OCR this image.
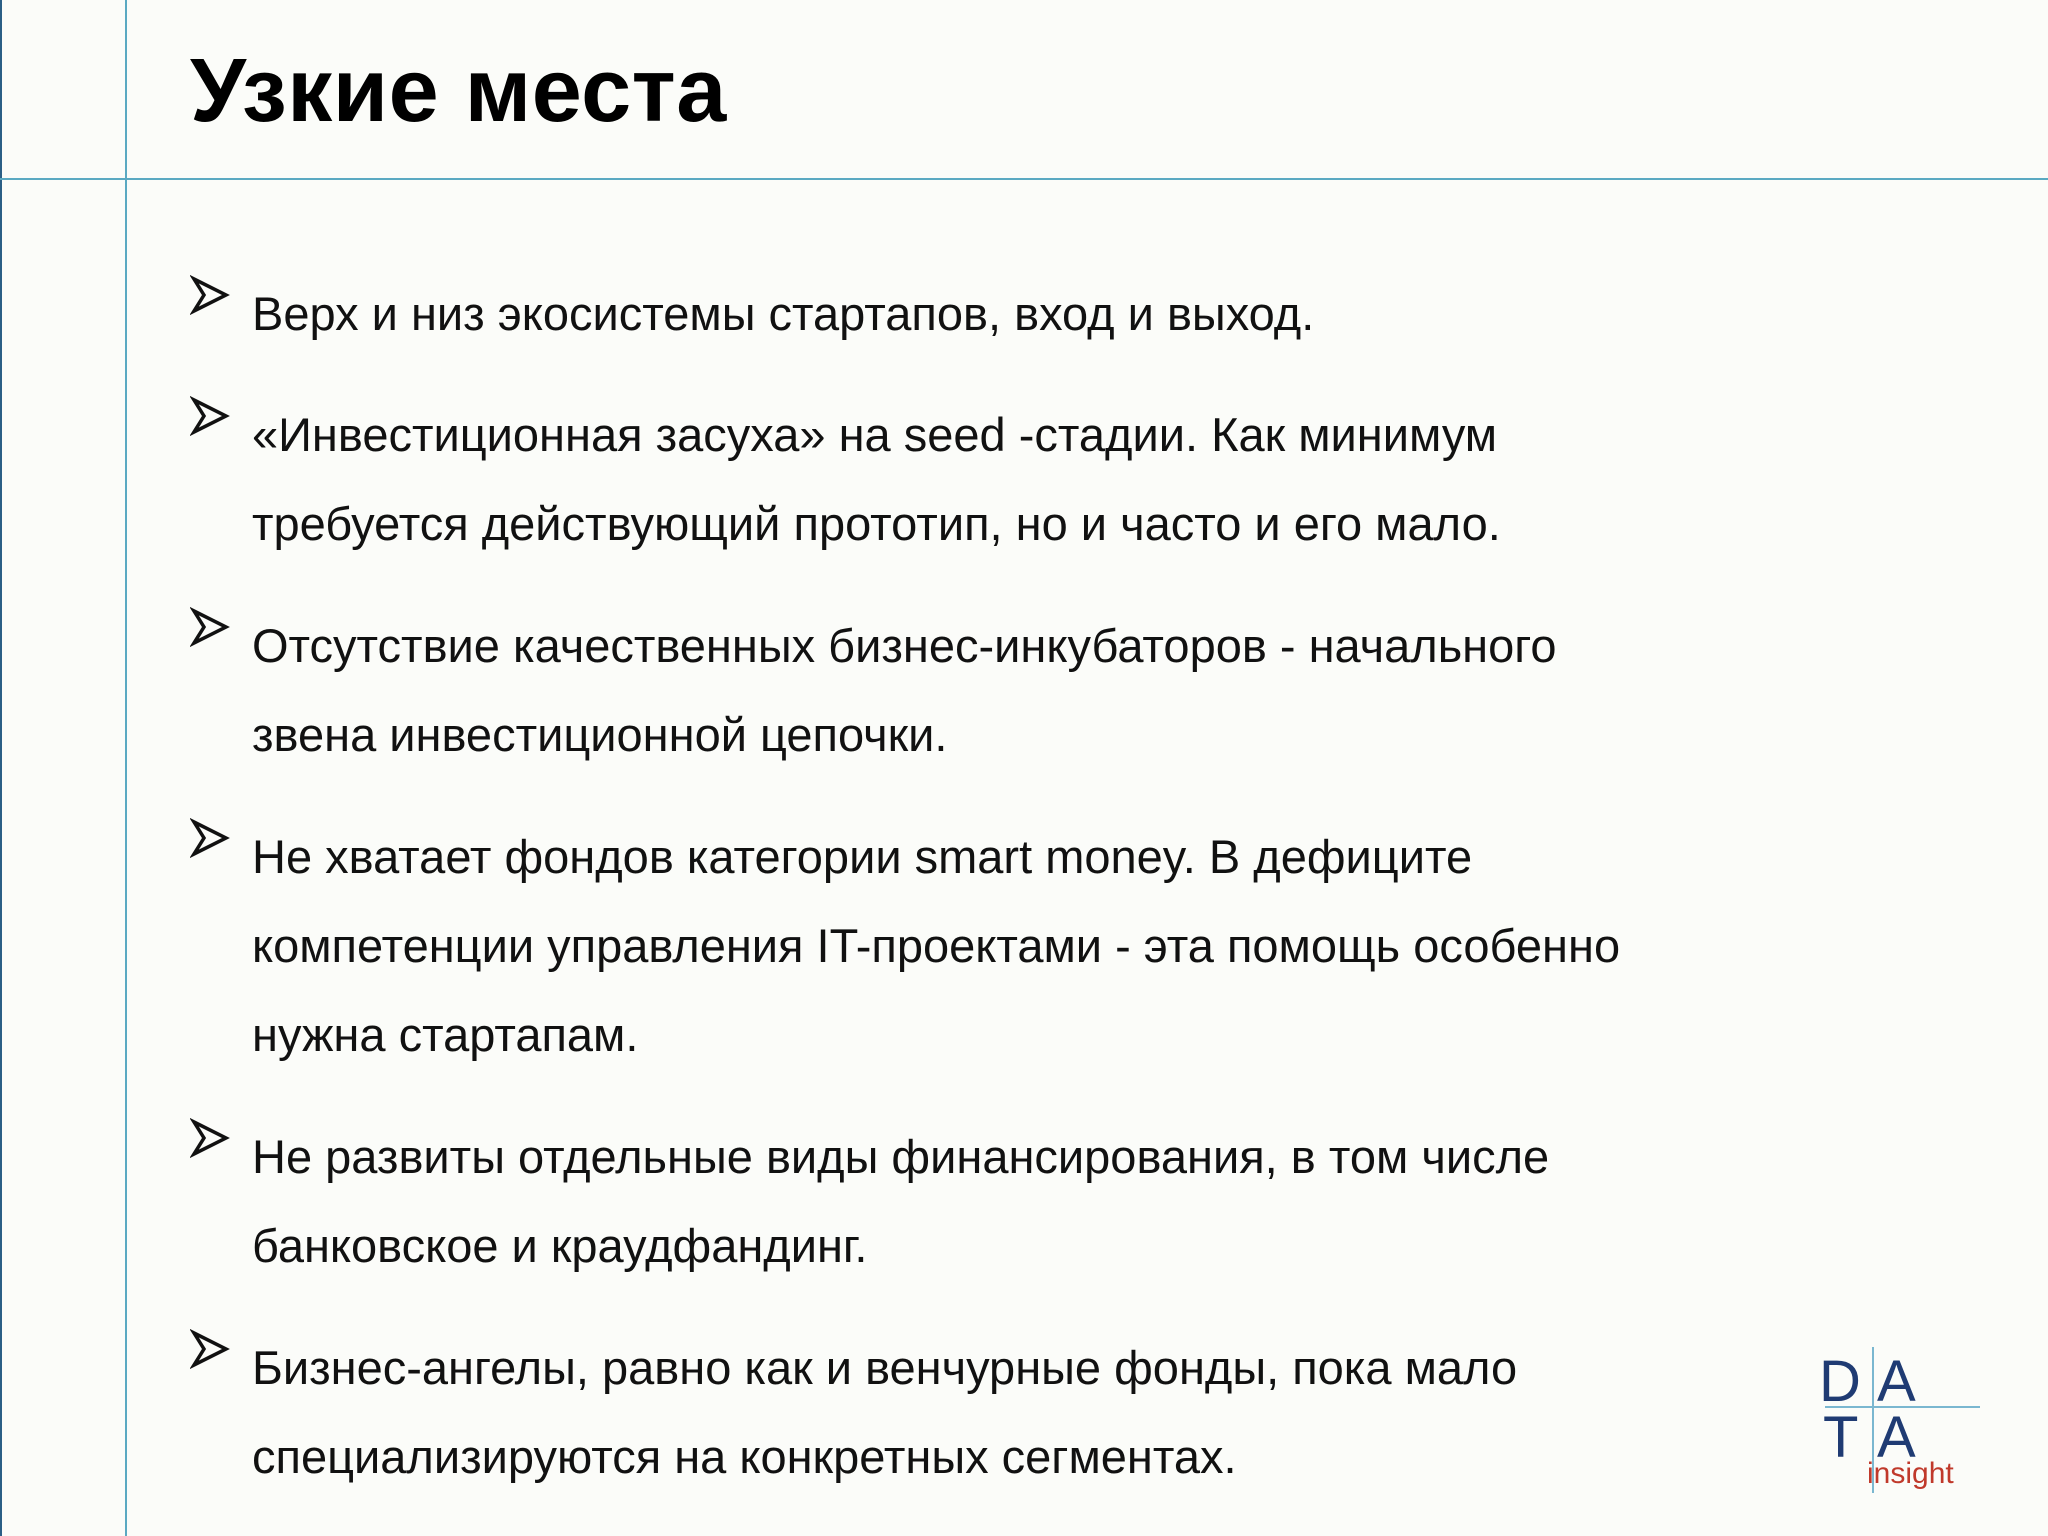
Узкие места

Верх и низ экосистемы стартапов, вход и выход.

«Инвестиционная засуха» на seed -стадии. Как минимум
требуется действующий прототип, но и часто и его мало.

Отсутствие качественных бизнес-инкубаторов - начального
звена инвестиционной цепочки.

Не хватает фондов категории smart money. В дефиците
компетенции управления IT-проектами - эта помощь особенно
нужна стартапам.

Не развиты отдельные виды финансирования, в том числе
банковское и краудфандинг.

Бизнес-ангелы, равно как и венчурные фонды, пока мало
специализируются на конкретных сегментах.

D A
T A
insight
